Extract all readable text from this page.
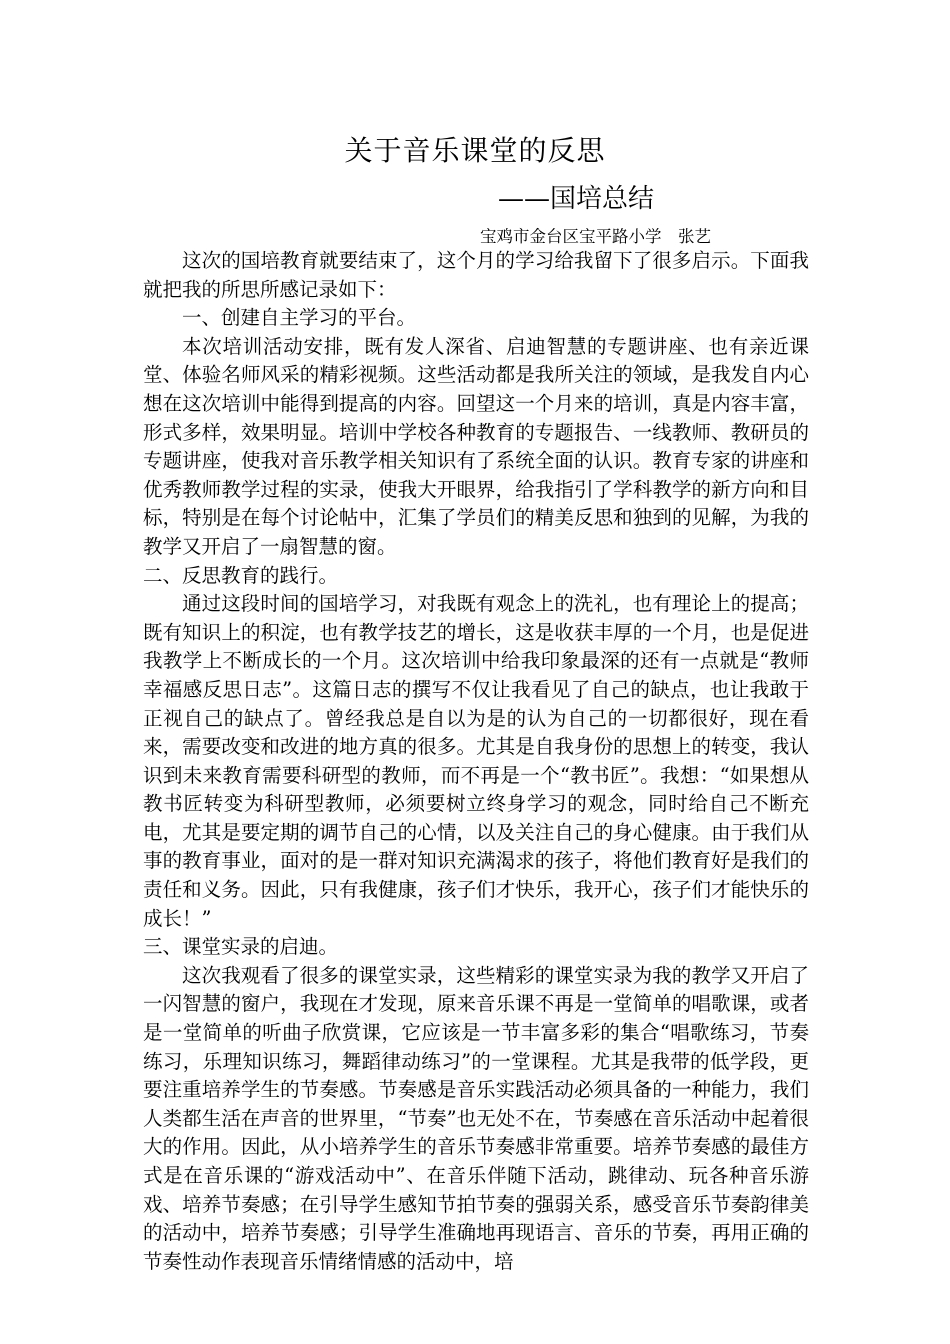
关于音乐课堂的反思
——国培总结
宝鸡市金台区宝平路小学　张艺

这次的国培教育就要结束了，这个月的学习给我留下了很多启示。下面我就把我的所思所感记录如下：

一、创建自主学习的平台。

本次培训活动安排，既有发人深省、启迪智慧的专题讲座、也有亲近课堂、体验名师风采的精彩视频。这些活动都是我所关注的领域，是我发自内心想在这次培训中能得到提高的内容。回望这一个月来的培训，真是内容丰富，形式多样，效果明显。培训中学校各种教育的专题报告、一线教师、教研员的专题讲座，使我对音乐教学相关知识有了系统全面的认识。教育专家的讲座和优秀教师教学过程的实录，使我大开眼界，给我指引了学科教学的新方向和目标，特别是在每个讨论帖中，汇集了学员们的精美反思和独到的见解，为我的教学又开启了一扇智慧的窗。

二、反思教育的践行。

通过这段时间的国培学习，对我既有观念上的洗礼，也有理论上的提高；既有知识上的积淀，也有教学技艺的增长，这是收获丰厚的一个月，也是促进我教学上不断成长的一个月。这次培训中给我印象最深的还有一点就是“教师幸福感反思日志”。这篇日志的撰写不仅让我看见了自己的缺点，也让我敢于正视自己的缺点了。曾经我总是自以为是的认为自己的一切都很好，现在看来，需要改变和改进的地方真的很多。尤其是自我身份的思想上的转变，我认识到未来教育需要科研型的教师，而不再是一个“教书匠”。我想：“如果想从教书匠转变为科研型教师，必须要树立终身学习的观念，同时给自己不断充电，尤其是要定期的调节自己的心情，以及关注自己的身心健康。由于我们从事的教育事业，面对的是一群对知识充满渴求的孩子，将他们教育好是我们的责任和义务。因此，只有我健康，孩子们才快乐，我开心，孩子们才能快乐的成长！”

三、课堂实录的启迪。

这次我观看了很多的课堂实录，这些精彩的课堂实录为我的教学又开启了一闪智慧的窗户，我现在才发现，原来音乐课不再是一堂简单的唱歌课，或者是一堂简单的听曲子欣赏课，它应该是一节丰富多彩的集合“唱歌练习，节奏练习，乐理知识练习，舞蹈律动练习”的一堂课程。尤其是我带的低学段，更要注重培养学生的节奏感。节奏感是音乐实践活动必须具备的一种能力，我们人类都生活在声音的世界里，“节奏”也无处不在，节奏感在音乐活动中起着很大的作用。因此，从小培养学生的音乐节奏感非常重要。培养节奏感的最佳方式是在音乐课的“游戏活动中”、在音乐伴随下活动，跳律动、玩各种音乐游戏、培养节奏感；在引导学生感知节拍节奏的强弱关系，感受音乐节奏韵律美的活动中，培养节奏感；引导学生准确地再现语言、音乐的节奏，再用正确的节奏性动作表现音乐情绪情感的活动中，培
